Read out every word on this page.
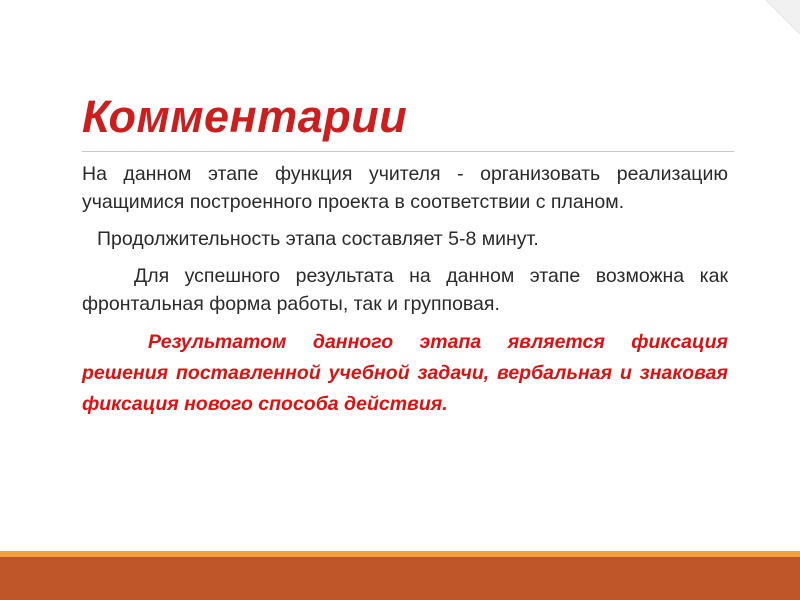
Комментарии

На данном этапе функция учителя - организовать реализацию учащимися построенного проекта в соответствии с планом.

Продолжительность этапа составляет 5-8 минут.

Для успешного результата на данном этапе возможна как фронтальная форма работы, так и групповая.

Результатом данного этапа является фиксация решения поставленной учебной задачи, вербальная и знаковая фиксация нового способа действия.
